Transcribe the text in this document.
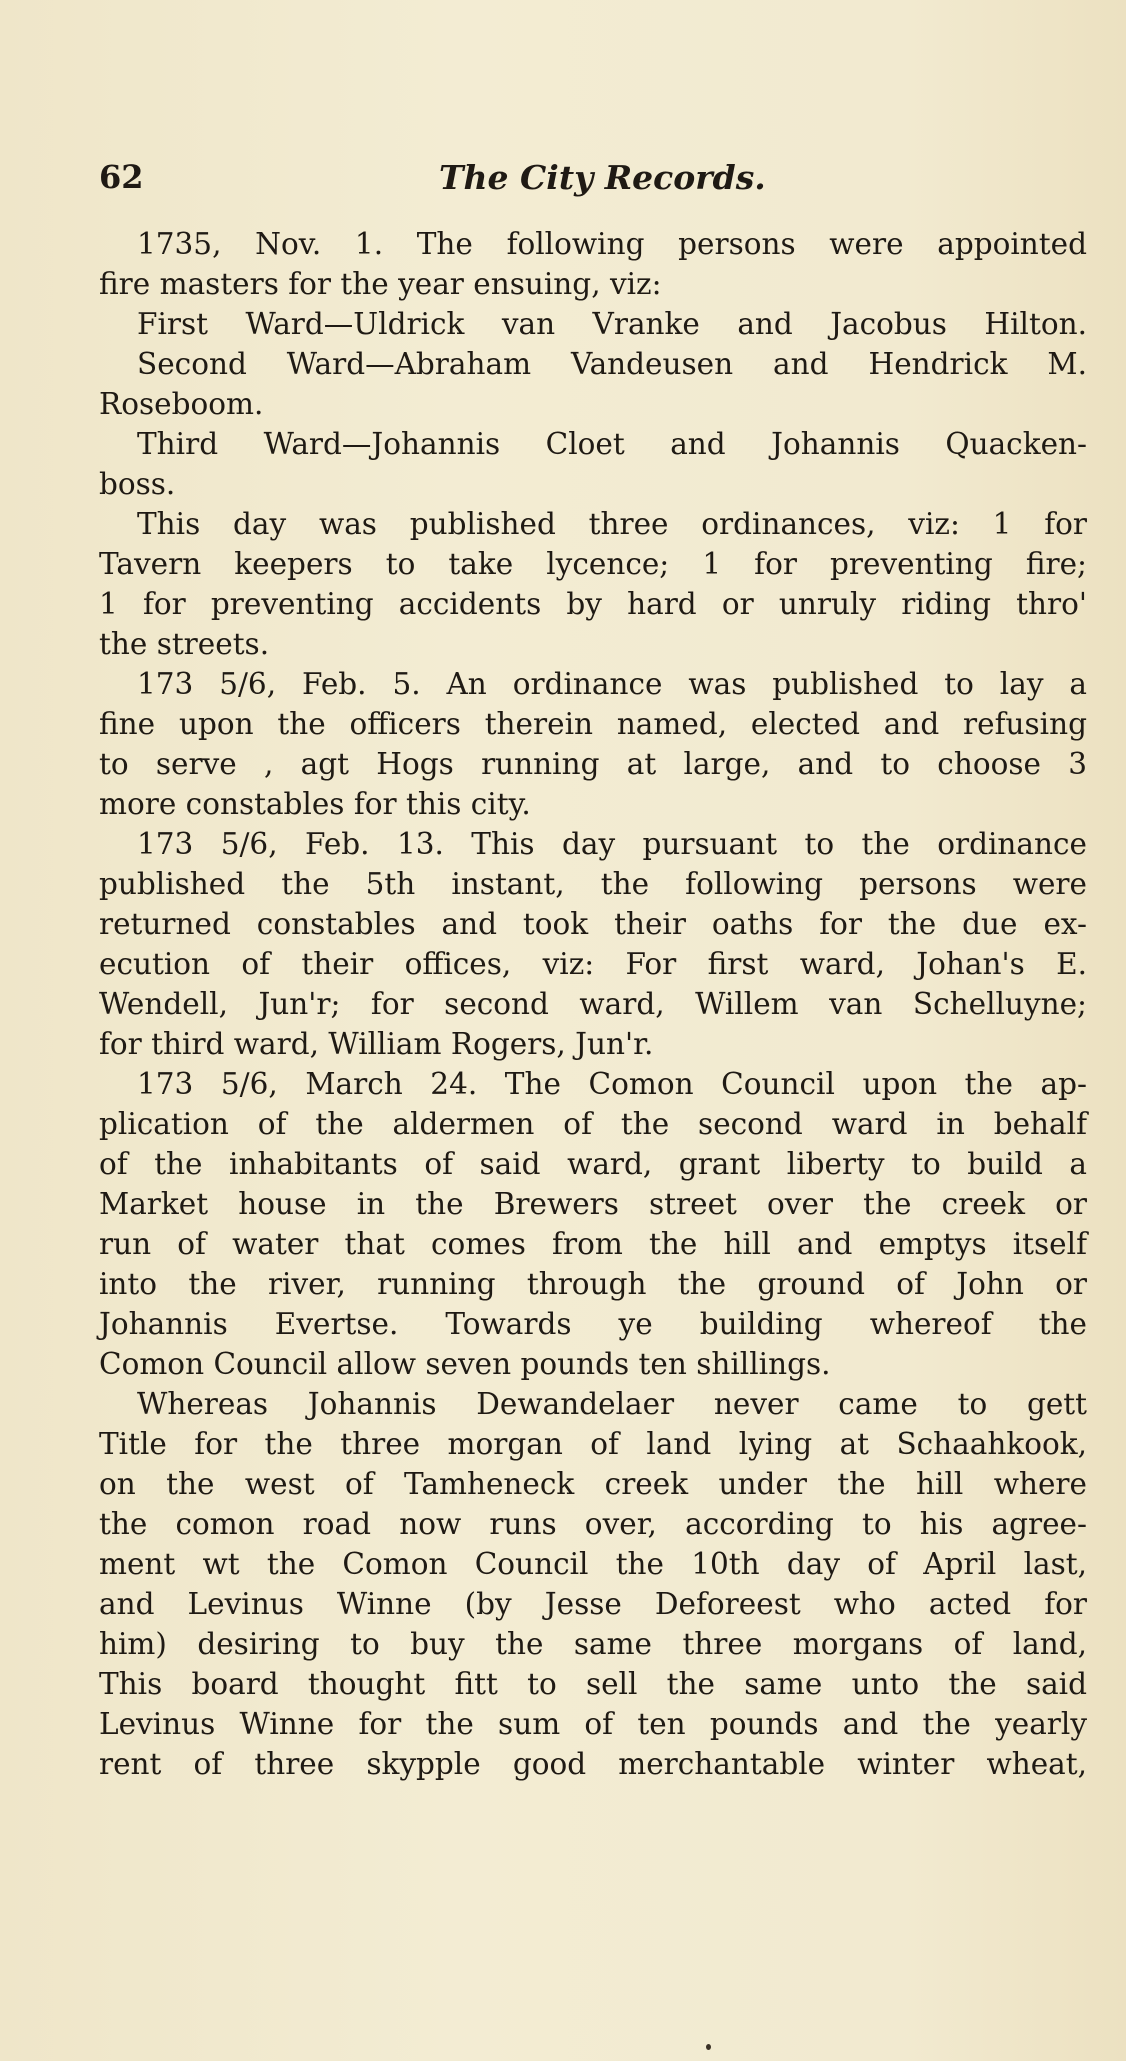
62	The City Records.
1735, Nov. 1. The following persons were appointed
fire masters for the year ensuing, viz:
First Ward—Uldrick van Vranke and Jacobus Hilton.
Second Ward—Abraham Vandeusen and Hendrick M.
Roseboom.
Third Ward—Johannis Cloet and Johannis Quacken-
boss.
This day was published three ordinances, viz: 1 for
Tavern keepers to take lycence; 1 for preventing fire;
1 for preventing accidents by hard or unruly riding thro'
the streets.
173 5/6, Feb. 5. An ordinance was published to lay a
fine upon the officers therein named, elected and refusing
to serve , agt Hogs running at large, and to choose 3
more constables for this city.
173 5/6, Feb. 13. This day pursuant to the ordinance
published the 5th instant, the following persons were
returned constables and took their oaths for the due ex-
ecution of their offices, viz: For first ward, Johan's E.
Wendell, Jun'r; for second ward, Willem van Schelluyne;
for third ward, William Rogers, Jun'r.
173 5/6, March 24. The Comon Council upon the ap-
plication of the aldermen of the second ward in behalf
of the inhabitants of said ward, grant liberty to build a
Market house in the Brewers street over the creek or
run of water that comes from the hill and emptys itself
into the river, running through the ground of John or
Johannis Evertse. Towards ye building whereof the
Comon Council allow seven pounds ten shillings.
Whereas Johannis Dewandelaer never came to gett
Title for the three morgan of land lying at Schaahkook,
on the west of Tamheneck creek under the hill where
the comon road now runs over, according to his agree-
ment wt the Comon Council the 10th day of April last,
and Levinus Winne (by Jesse Deforeest who acted for
him) desiring to buy the same three morgans of land,
This board thought fitt to sell the same unto the said
Levinus Winne for the sum of ten pounds and the yearly
rent of three skypple good merchantable winter wheat,
